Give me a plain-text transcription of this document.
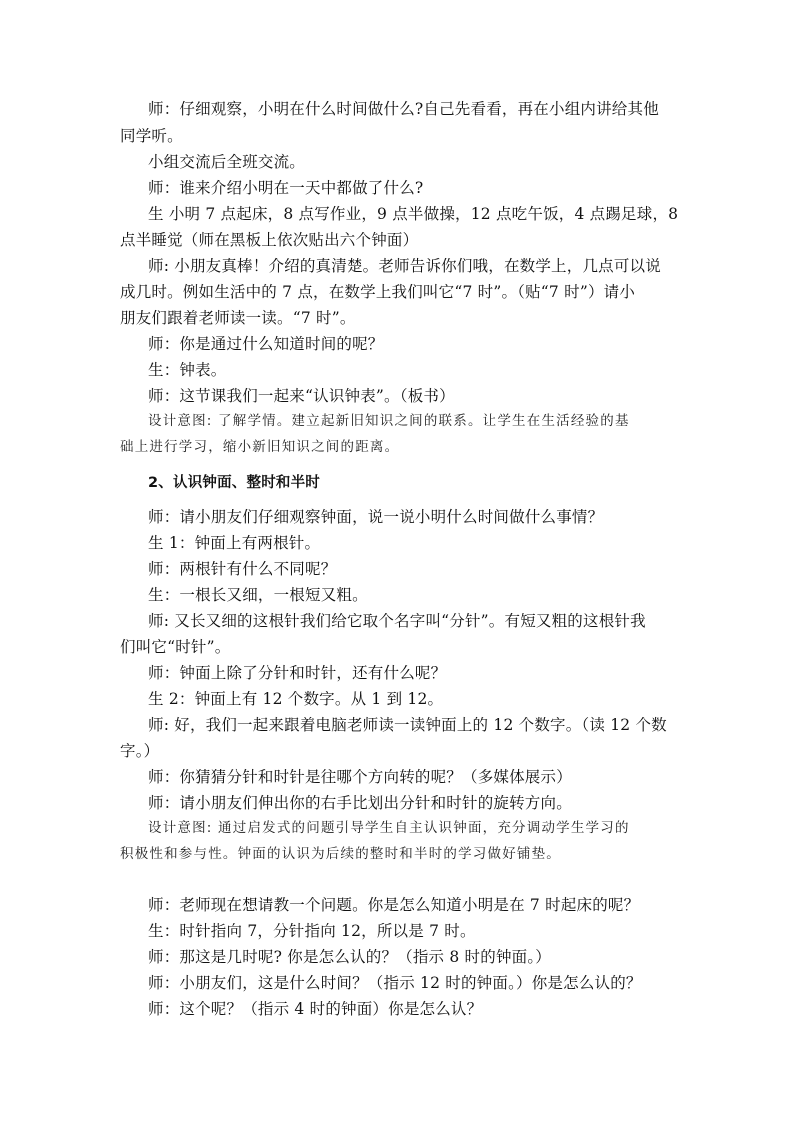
师：仔细观察，小明在什么时间做什么?自己先看看，再在小组内讲给其他
同学听。
小组交流后全班交流。
师：谁来介绍小明在一天中都做了什么?
生 小明 7 点起床，8 点写作业，9 点半做操，12 点吃午饭，4 点踢足球，8
点半睡觉（师在黑板上依次贴出六个钟面）
师: 小朋友真棒！介绍的真清楚。老师告诉你们哦，在数学上，几点可以说
成几时。例如生活中的 7 点，在数学上我们叫它“7 时”。（贴“7 时”）请小
朋友们跟着老师读一读。“7 时”。
师：你是通过什么知道时间的呢？
生：钟表。
师：这节课我们一起来“认识钟表”。（板书）
设计意图: 了解学情。建立起新旧知识之间的联系。让学生在生活经验的基
础上进行学习，缩小新旧知识之间的距离。
2、认识钟面、整时和半时
师：请小朋友们仔细观察钟面，说一说小明什么时间做什么事情？
生 1：钟面上有两根针。
师：两根针有什么不同呢？
生：一根长又细，一根短又粗。
师: 又长又细的这根针我们给它取个名字叫“分针”。有短又粗的这根针我
们叫它“时针”。
师：钟面上除了分针和时针，还有什么呢？
生 2：钟面上有 12 个数字。从 1 到 12。
师: 好，我们一起来跟着电脑老师读一读钟面上的 12 个数字。（读 12 个数
字。）
师：你猜猜分针和时针是往哪个方向转的呢？（多媒体展示）
师：请小朋友们伸出你的右手比划出分针和时针的旋转方向。
设计意图: 通过启发式的问题引导学生自主认识钟面，充分调动学生学习的
积极性和参与性。钟面的认识为后续的整时和半时的学习做好铺垫。
师：老师现在想请教一个问题。你是怎么知道小明是在 7 时起床的呢？
生：时针指向 7，分针指向 12，所以是 7 时。
师：那这是几时呢? 你是怎么认的？（指示 8 时的钟面。）
师：小朋友们，这是什么时间？（指示 12 时的钟面。）你是怎么认的？
师：这个呢？（指示 4 时的钟面）你是怎么认？
